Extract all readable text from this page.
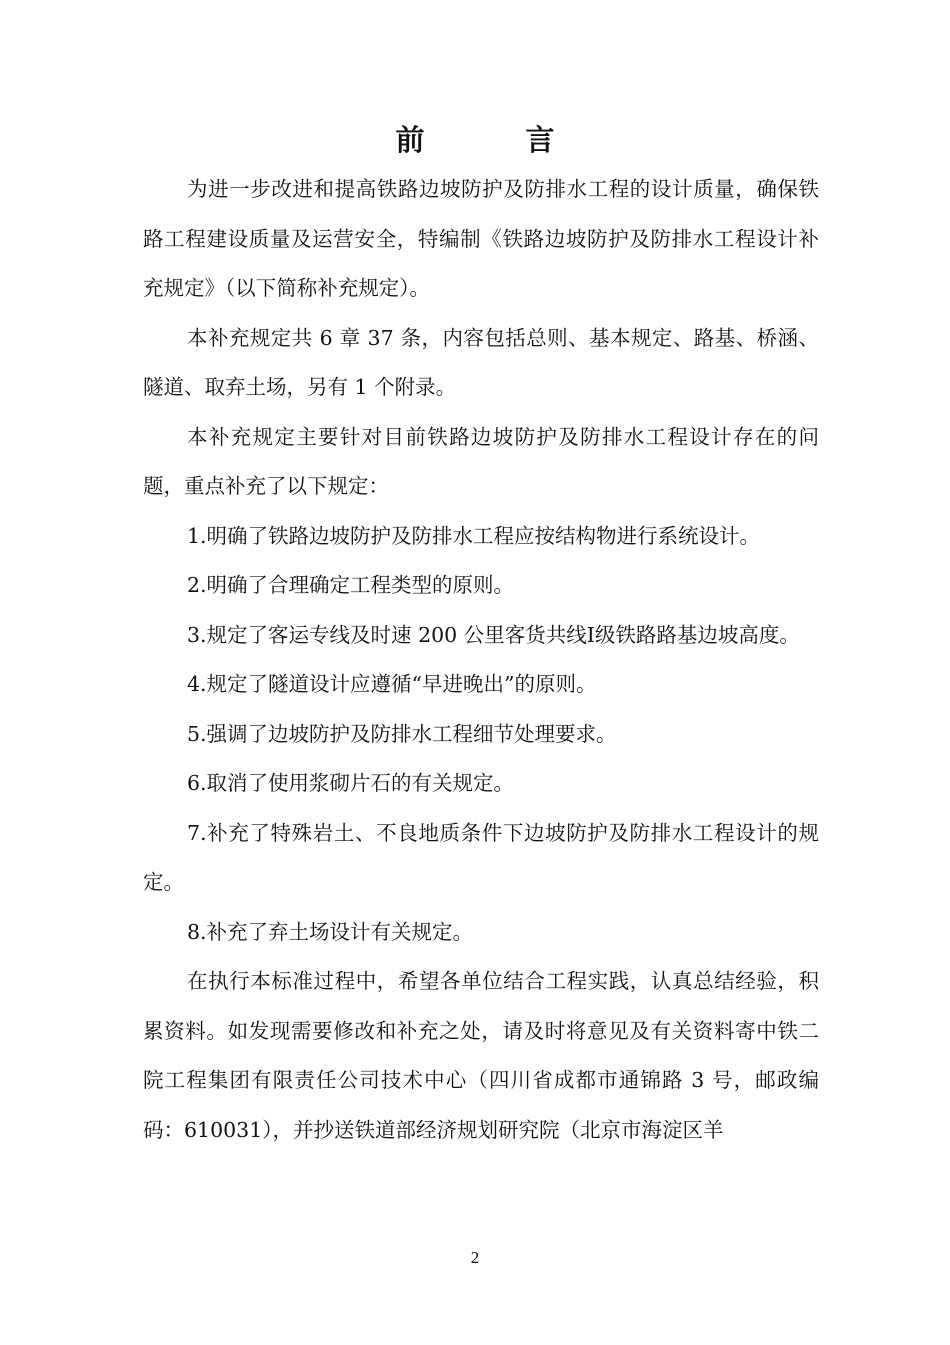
前　言

为进一步改进和提高铁路边坡防护及防排水工程的设计质量，确保铁路工程建设质量及运营安全，特编制《铁路边坡防护及防排水工程设计补充规定》（以下简称补充规定）。

本补充规定共 6 章 37 条，内容包括总则、基本规定、路基、桥涵、隧道、取弃土场，另有 1 个附录。

本补充规定主要针对目前铁路边坡防护及防排水工程设计存在的问题，重点补充了以下规定：

1.明确了铁路边坡防护及防排水工程应按结构物进行系统设计。

2.明确了合理确定工程类型的原则。

3.规定了客运专线及时速 200 公里客货共线Ⅰ级铁路路基边坡高度。

4.规定了隧道设计应遵循“早进晚出”的原则。

5.强调了边坡防护及防排水工程细节处理要求。

6.取消了使用浆砌片石的有关规定。

7.补充了特殊岩土、不良地质条件下边坡防护及防排水工程设计的规定。

8.补充了弃土场设计有关规定。

在执行本标准过程中，希望各单位结合工程实践，认真总结经验，积累资料。如发现需要修改和补充之处，请及时将意见及有关资料寄中铁二院工程集团有限责任公司技术中心（四川省成都市通锦路 3 号，邮政编码：610031），并抄送铁道部经济规划研究院（北京市海淀区羊

2
